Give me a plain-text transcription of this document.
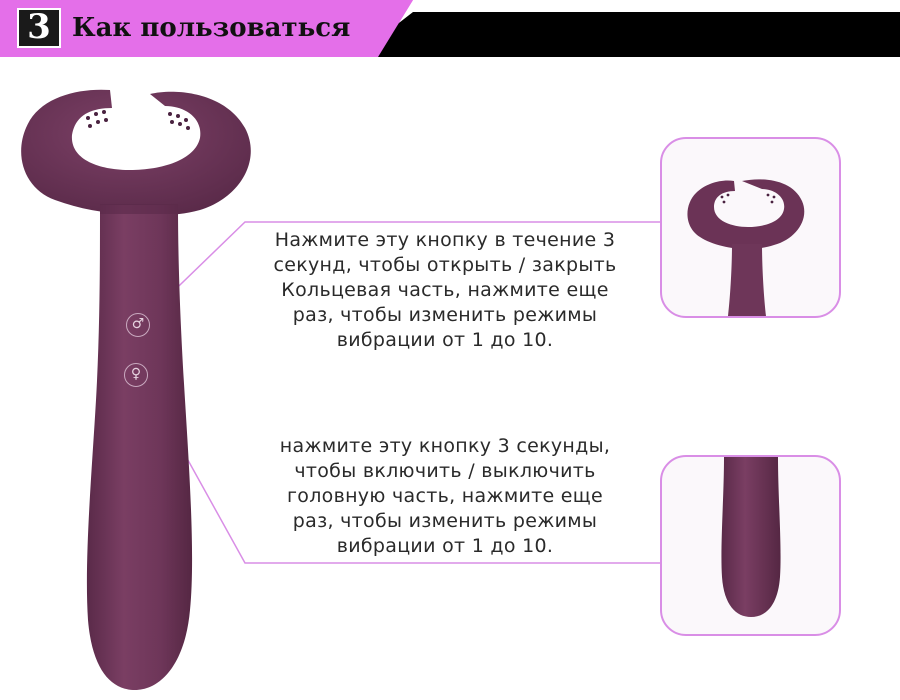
3 Как пользоваться
♂
♀
Нажмите эту кнопку в течение 3
секунд, чтобы открыть / закрыть
Кольцевая часть, нажмите еще
раз, чтобы изменить режимы
вибрации от 1 до 10.
нажмите эту кнопку 3 секунды,
чтобы включить / выключить
головную часть, нажмите еще
раз, чтобы изменить режимы
вибрации от 1 до 10.
